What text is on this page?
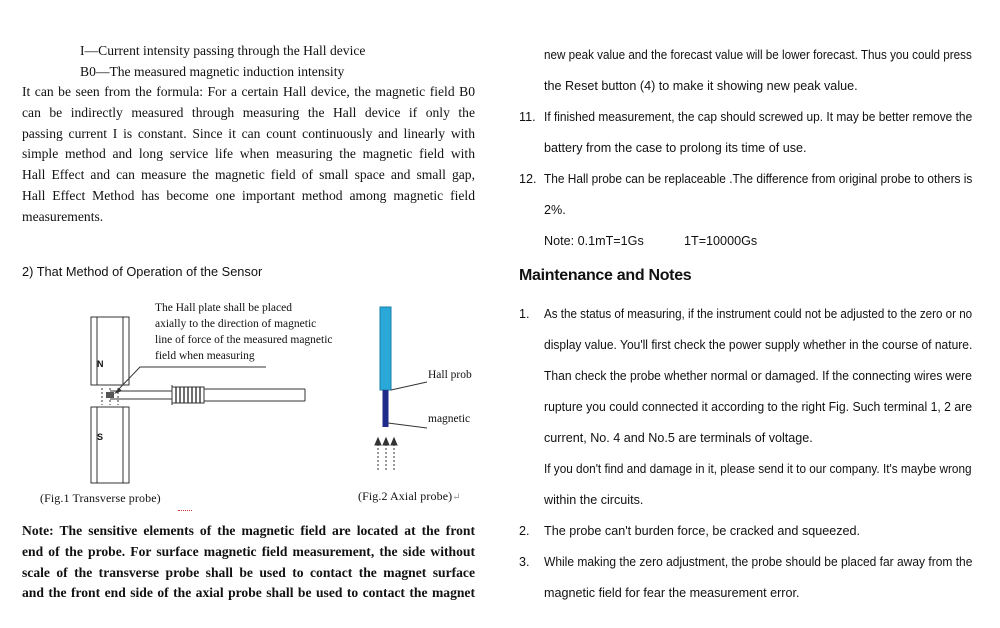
I—Current intensity passing through the Hall device
B0—The measured magnetic induction intensity
It can be seen from the formula: For a certain Hall device, the magnetic field B0
can be indirectly measured through measuring the Hall device if only the
passing current I is constant. Since it can count continuously and linearly with
simple method and long service life when measuring the magnetic field with
Hall Effect and can measure the magnetic field of small space and small gap,
Hall Effect Method has become one important method among magnetic field
measurements.
2) That Method of Operation of the Sensor
N
S
The Hall plate shall be placed
axially to the direction of magnetic
line of force of the measured magnetic
field when measuring
Hall prob
magnetic
(Fig.1 Transverse probe)	(Fig.2 Axial probe)↵
Note: The sensitive elements of the magnetic field are located at the front
end of the probe. For surface magnetic field measurement, the side without
scale of the transverse probe shall be used to contact the magnet surface
and the front end side of the axial probe shall be used to contact the magnet
new peak value and the forecast value will be lower forecast. Thus you could press
the Reset button (4) to make it showing new peak value.
11. If finished measurement, the cap should screwed up. It may be better remove the
battery from the case to prolong its time of use.
12. The Hall probe can be replaceable .The difference from original probe to others is
2%.
Note: 0.1mT=1Gs	1T=10000Gs
Maintenance and Notes
1. As the status of measuring, if the instrument could not be adjusted to the zero or no
display value. You'll first check the power supply whether in the course of nature.
Than check the probe whether normal or damaged. If the connecting wires were
rupture you could connected it according to the right Fig. Such terminal 1, 2 are
current, No. 4 and No.5 are terminals of voltage.
If you don't find and damage in it, please send it to our company. It's maybe wrong
within the circuits.
2. The probe can't burden force, be cracked and squeezed.
3. While making the zero adjustment, the probe should be placed far away from the
magnetic field for fear the measurement error.
